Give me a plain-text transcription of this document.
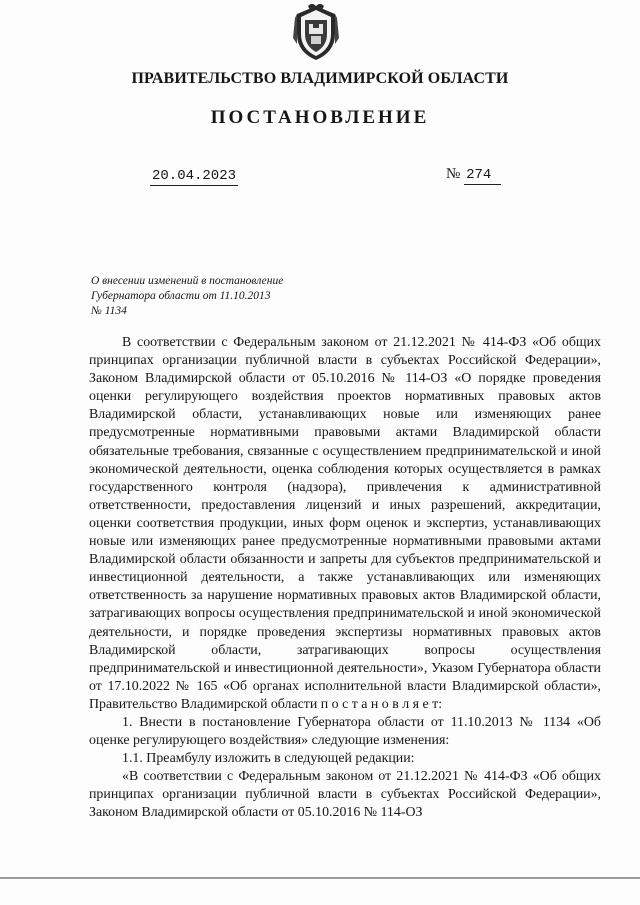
ПРАВИТЕЛЬСТВО ВЛАДИМИРСКОЙ ОБЛАСТИ
ПОСТАНОВЛЕНИЕ
20.04.2023	№ 274
О внесении изменений в постановление
Губернатора области от 11.10.2013
№ 1134

В соответствии с Федеральным законом от 21.12.2021 № 414-ФЗ «Об общих принципах организации публичной власти в субъектах Российской Федерации», Законом Владимирской области от 05.10.2016 № 114-ОЗ «О порядке проведения оценки регулирующего воздействия проектов нормативных правовых актов Владимирской области, устанавливающих новые или изменяющих ранее предусмотренные нормативными правовыми актами Владимирской области обязательные требования, связанные с осуществлением предпринимательской и иной экономической деятельности, оценка соблюдения которых осуществляется в рамках государственного контроля (надзора), привлечения к административной ответственности, предоставления лицензий и иных разрешений, аккредитации, оценки соответствия продукции, иных форм оценок и экспертиз, устанавливающих новые или изменяющих ранее предусмотренные нормативными правовыми актами Владимирской области обязанности и запреты для субъектов предпринимательской и инвестиционной деятельности, а также устанавливающих или изменяющих ответственность за нарушение нормативных правовых актов Владимирской области, затрагивающих вопросы осуществления предпринимательской и иной экономической деятельности, и порядке проведения экспертизы нормативных правовых актов Владимирской области, затрагивающих вопросы осуществления предпринимательской и инвестиционной деятельности», Указом Губернатора области от 17.10.2022 № 165 «Об органах исполнительной власти Владимирской области», Правительство Владимирской области п о с т а н о в л я е т:

1. Внести в постановление Губернатора области от 11.10.2013 № 1134 «Об оценке регулирующего воздействия» следующие изменения:

1.1. Преамбулу изложить в следующей редакции:

«В соответствии с Федеральным законом от 21.12.2021 № 414-ФЗ «Об общих принципах организации публичной власти в субъектах Российской Федерации», Законом Владимирской области от 05.10.2016 № 114-ОЗ
